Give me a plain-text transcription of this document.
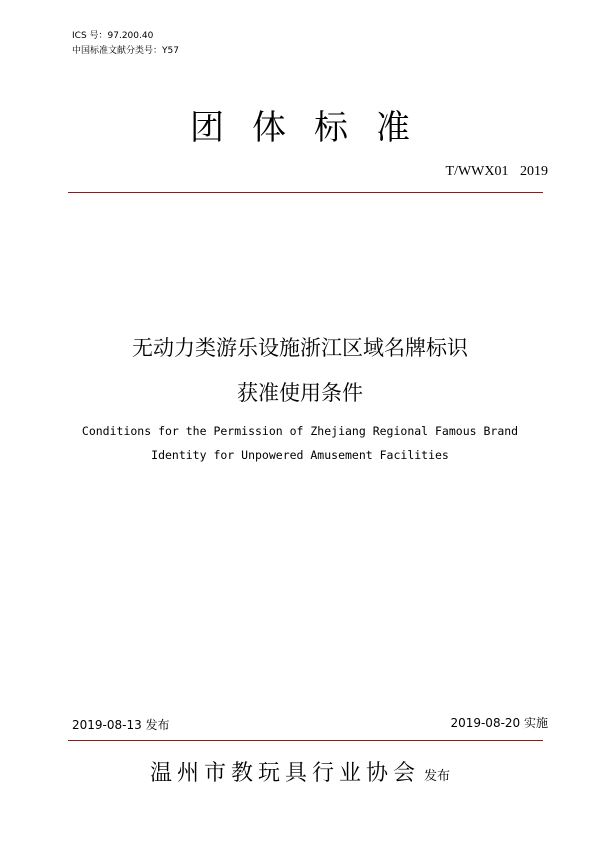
ICS 号：97.200.40
中国标准文献分类号：Y57
团体标准
T/WWX01 2019
无动力类游乐设施浙江区域名牌标识
获准使用条件
Conditions for the Permission of Zhejiang Regional Famous Brand
Identity for Unpowered Amusement Facilities
2019-08-13 发布	2019-08-20 实施
温州市教玩具行业协会 发布
